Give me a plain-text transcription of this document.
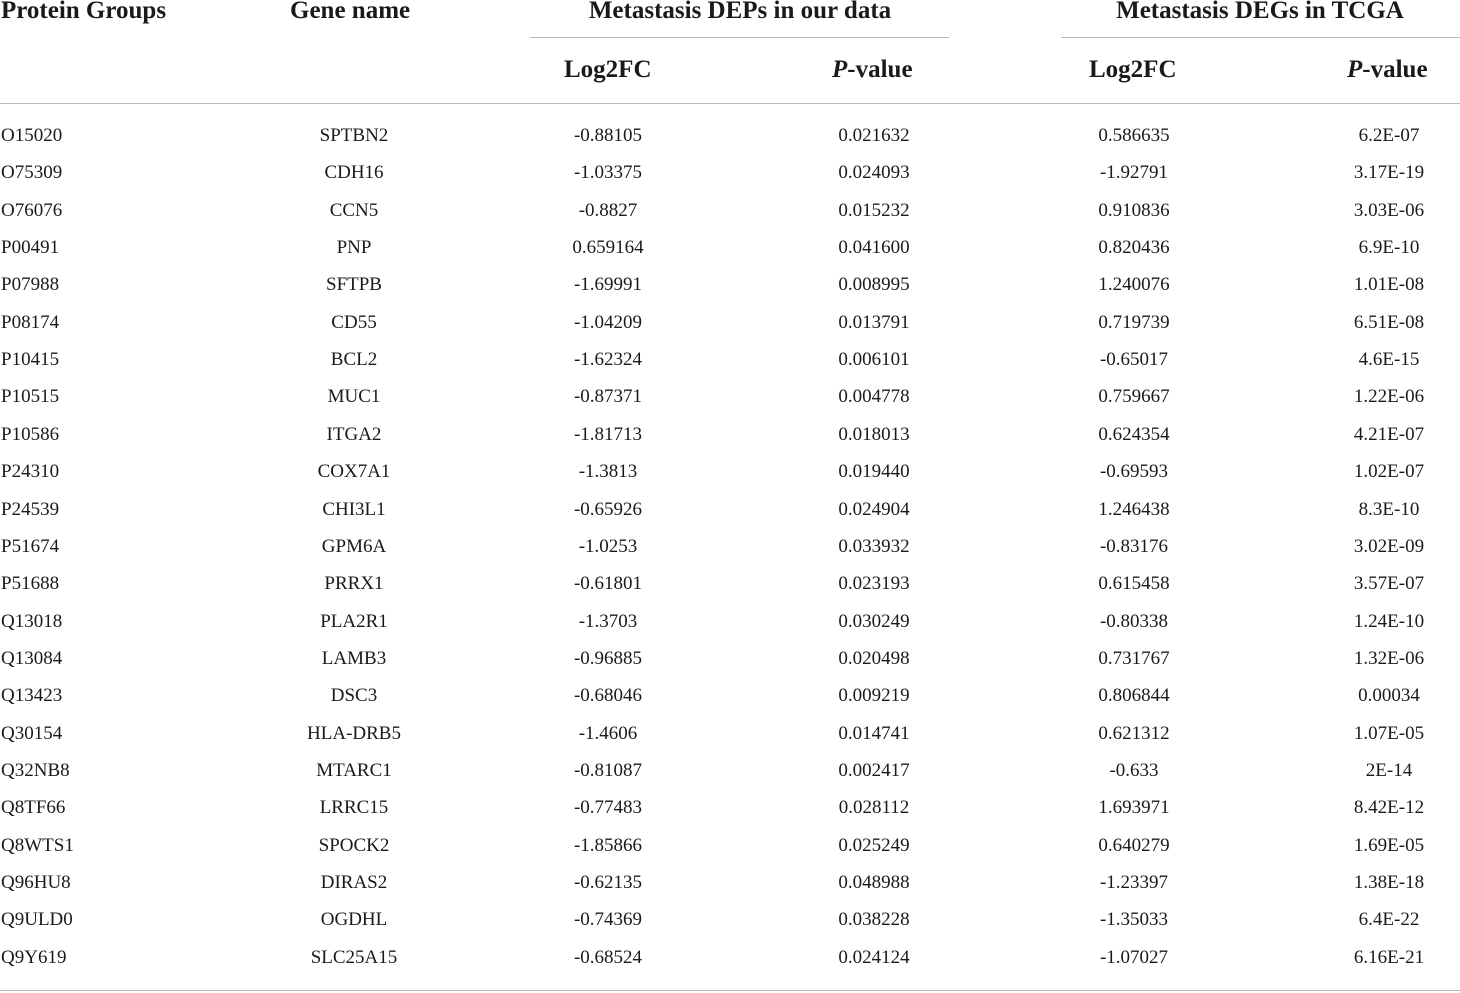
Protein Groups	Gene name	Metastasis DEPs in our data	Metastasis DEGs in TCGA
Log2FC	P-value	Log2FC	P-value
O15020	SPTBN2	-0.88105	0.021632	0.586635	6.2E-07
O75309	CDH16	-1.03375	0.024093	-1.92791	3.17E-19
O76076	CCN5	-0.8827	0.015232	0.910836	3.03E-06
P00491	PNP	0.659164	0.041600	0.820436	6.9E-10
P07988	SFTPB	-1.69991	0.008995	1.240076	1.01E-08
P08174	CD55	-1.04209	0.013791	0.719739	6.51E-08
P10415	BCL2	-1.62324	0.006101	-0.65017	4.6E-15
P10515	MUC1	-0.87371	0.004778	0.759667	1.22E-06
P10586	ITGA2	-1.81713	0.018013	0.624354	4.21E-07
P24310	COX7A1	-1.3813	0.019440	-0.69593	1.02E-07
P24539	CHI3L1	-0.65926	0.024904	1.246438	8.3E-10
P51674	GPM6A	-1.0253	0.033932	-0.83176	3.02E-09
P51688	PRRX1	-0.61801	0.023193	0.615458	3.57E-07
Q13018	PLA2R1	-1.3703	0.030249	-0.80338	1.24E-10
Q13084	LAMB3	-0.96885	0.020498	0.731767	1.32E-06
Q13423	DSC3	-0.68046	0.009219	0.806844	0.00034
Q30154	HLA-DRB5	-1.4606	0.014741	0.621312	1.07E-05
Q32NB8	MTARC1	-0.81087	0.002417	-0.633	2E-14
Q8TF66	LRRC15	-0.77483	0.028112	1.693971	8.42E-12
Q8WTS1	SPOCK2	-1.85866	0.025249	0.640279	1.69E-05
Q96HU8	DIRAS2	-0.62135	0.048988	-1.23397	1.38E-18
Q9ULD0	OGDHL	-0.74369	0.038228	-1.35033	6.4E-22
Q9Y619	SLC25A15	-0.68524	0.024124	-1.07027	6.16E-21
